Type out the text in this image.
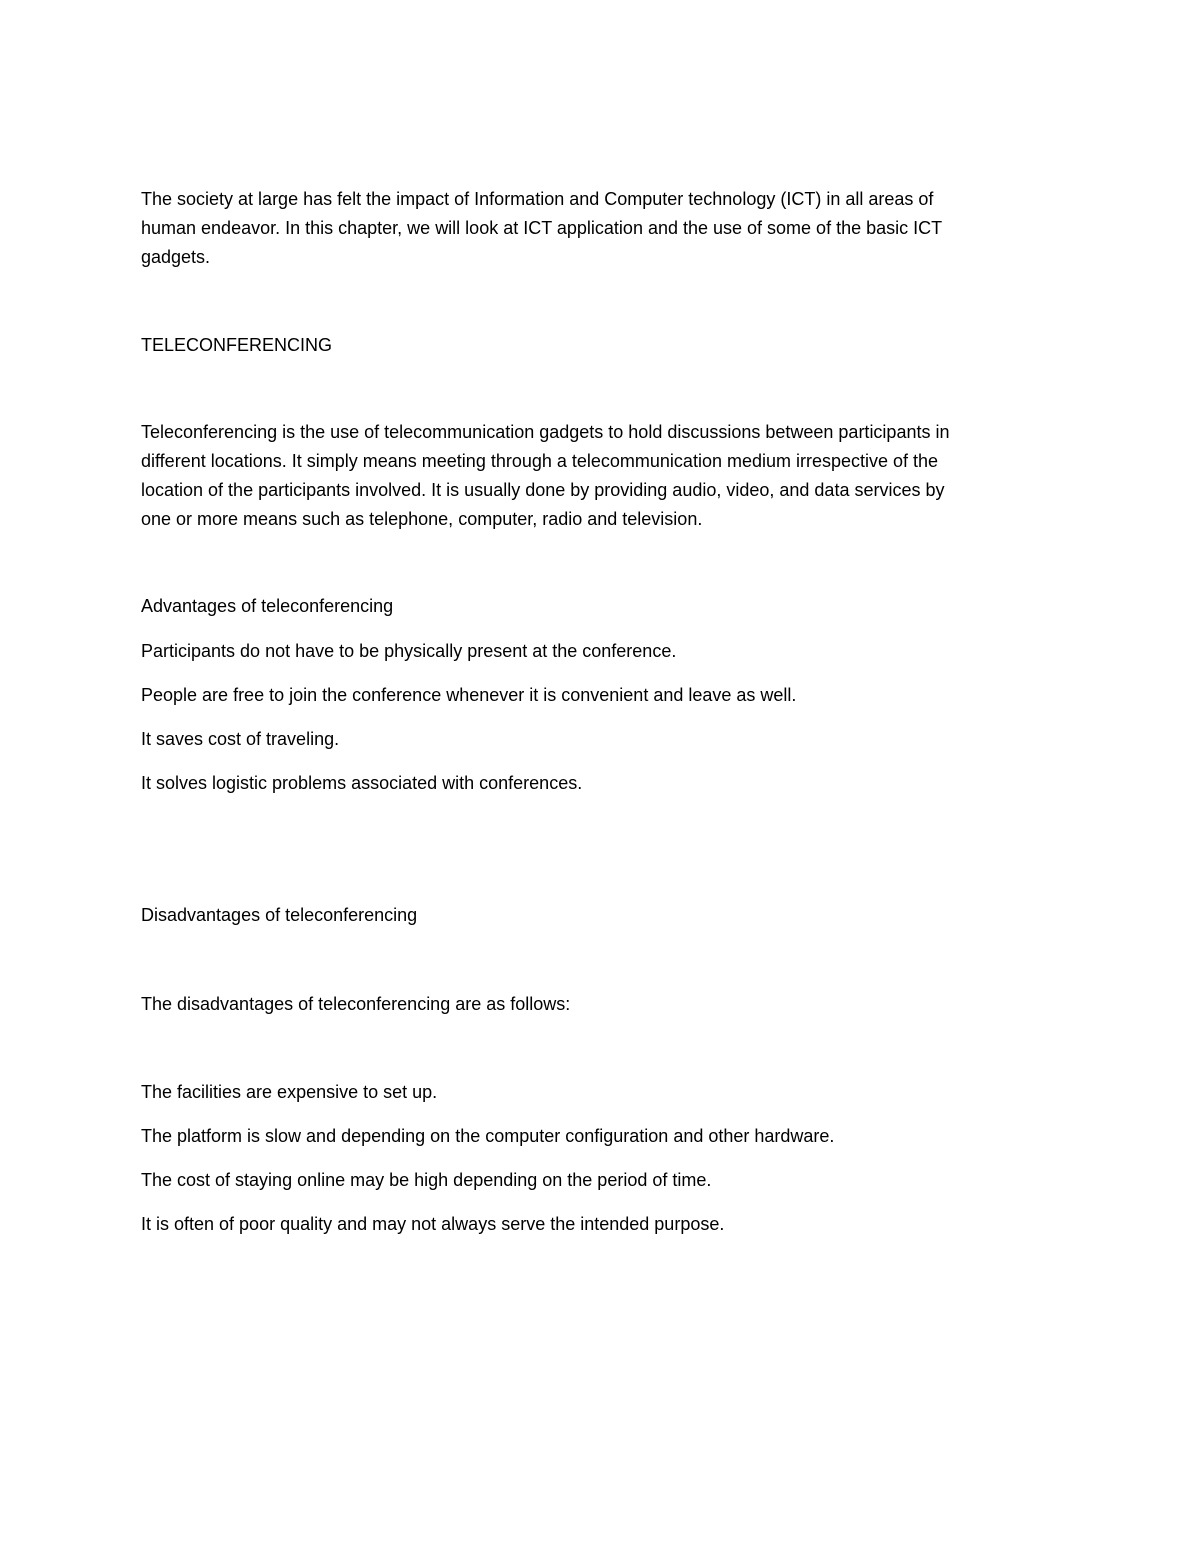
The society at large has felt the impact of Information and Computer technology (ICT) in all areas of
human endeavor. In this chapter, we will look at ICT application and the use of some of the basic ICT
gadgets.
TELECONFERENCING
Teleconferencing is the use of telecommunication gadgets to hold discussions between participants in
different locations. It simply means meeting through a telecommunication medium irrespective of the
location of the participants involved. It is usually done by providing audio, video, and data services by
one or more means such as telephone, computer, radio and television.
Advantages of teleconferencing
Participants do not have to be physically present at the conference.
People are free to join the conference whenever it is convenient and leave as well.
It saves cost of traveling.
It solves logistic problems associated with conferences.
Disadvantages of teleconferencing
The disadvantages of teleconferencing are as follows:
The facilities are expensive to set up.
The platform is slow and depending on the computer configuration and other hardware.
The cost of staying online may be high depending on the period of time.
It is often of poor quality and may not always serve the intended purpose.
